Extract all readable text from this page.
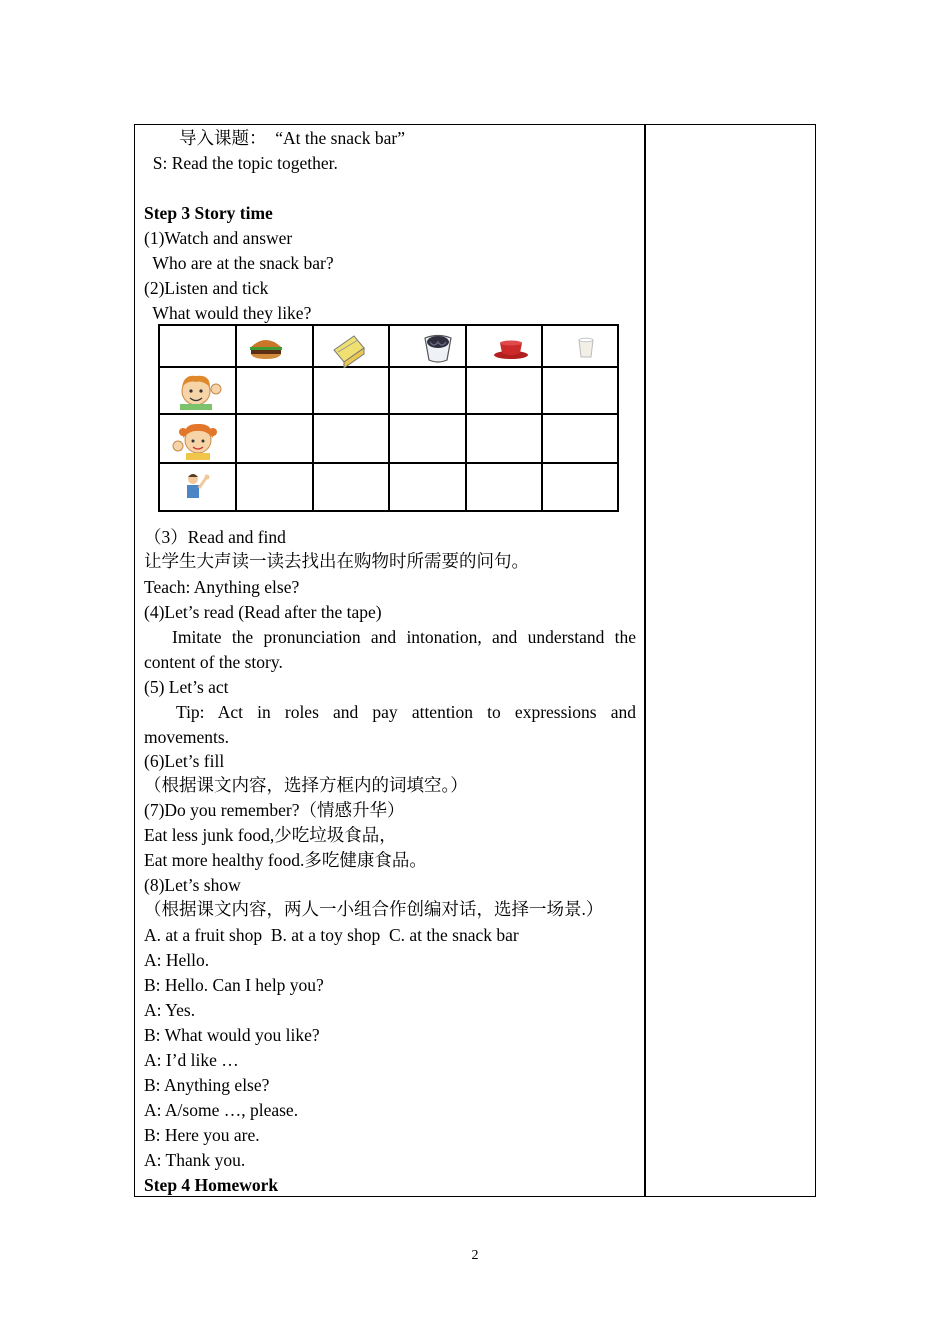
导入课题：  “At the snack bar”
S: Read the topic together.
Step 3 Story time
(1)Watch and answer
Who are at the snack bar?
(2)Listen and tick
What would they like?
（3）Read and find
让学生大声读一读去找出在购物时所需要的问句。
Teach: Anything else?
(4)Let’s read (Read after the tape)
Imitate the pronunciation and intonation, and understand the
content of the story.
(5) Let’s act
Tip: Act in roles and pay attention to expressions and
movements.
(6)Let’s fill
（根据课文内容，选择方框内的词填空。）
(7)Do you remember?（情感升华）
Eat less junk food,少吃垃圾食品，
Eat more healthy food.多吃健康食品。
(8)Let’s show
（根据课文内容，两人一小组合作创编对话，选择一场景.）
A. at a fruit shop  B. at a toy shop  C. at the snack bar
A: Hello.
B: Hello. Can I help you?
A: Yes.
B: What would you like?
A: I’d like …
B: Anything else?
A: A/some …, please.
B: Here you are.
A: Thank you.
Step 4 Homework
2
